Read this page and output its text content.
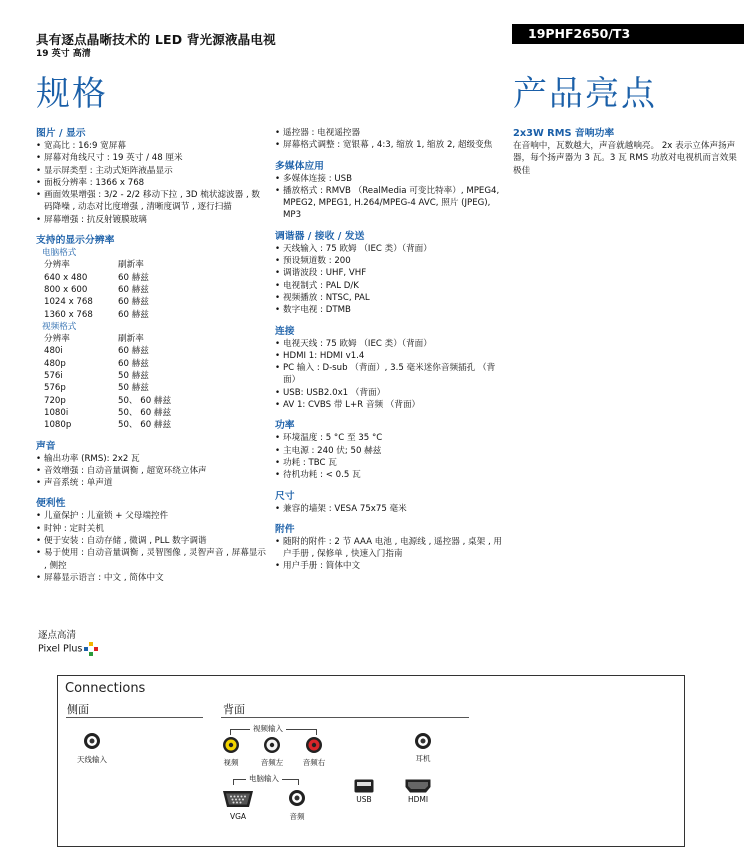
具有逐点晶晰技术的 LED 背光源液晶电视
19 英寸 高清
19PHF2650/T3
规格	产品亮点
图片 / 显示
• 宽高比 : 16:9 宽屏幕
• 屏幕对角线尺寸 : 19 英寸 / 48 厘米
• 显示屏类型 : 主动式矩阵液晶显示
• 面板分辨率 : 1366 x 768
• 画面效果增强 : 3/2 - 2/2 移动下拉 , 3D 梳状滤波器 , 数码降噪 , 动态对比度增强 , 清晰度调节 , 逐行扫描
• 屏幕增强 : 抗反射镀膜玻璃
支持的显示分辨率
电脑格式
分辨率	刷新率
640 x 480	60 赫兹
800 x 600	60 赫兹
1024 x 768	60 赫兹
1360 x 768	60 赫兹
视频格式
分辨率	刷新率
480i	60 赫兹
480p	60 赫兹
576i	50 赫兹
576p	50 赫兹
720p	50、 60 赫兹
1080i	50、 60 赫兹
1080p	50、 60 赫兹
声音
• 输出功率 (RMS): 2x2 瓦
• 音效增强 : 自动音量调衡 , 超宽环绕立体声
• 声音系统 : 单声道
便利性
• 儿童保护 : 儿童锁 + 父母端控件
• 时钟 : 定时关机
• 便于安装 : 自动存储 , 微调 , PLL 数字调谐
• 易于使用 : 自动音量调衡 , 灵智图像 , 灵智声音 , 屏幕显示 , 侧控
• 屏幕显示语言 : 中文 , 简体中文
• 遥控器 : 电视遥控器
• 屏幕格式调整 : 宽银幕 , 4:3, 缩放 1, 缩放 2, 超级变焦
多媒体应用
• 多媒体连接 : USB
• 播放格式 : RMVB （RealMedia 可变比特率）, MPEG4, MPEG2, MPEG1, H.264/MPEG-4 AVC, 照片 (JPEG), MP3
调谐器 / 接收 / 发送
• 天线输入 : 75 欧姆 （IEC 类）（背面）
• 预设频道数 : 200
• 调谐波段 : UHF, VHF
• 电视制式 : PAL D/K
• 视频播放 : NTSC, PAL
• 数字电视 : DTMB
连接
• 电视天线 : 75 欧姆 （IEC 类）（背面）
• HDMI 1: HDMI v1.4
• PC 输入 : D-sub （背面）, 3.5 毫米迷你音频插孔 （背面）
• USB: USB2.0x1 （背面）
• AV 1: CVBS 带 L+R 音频 （背面）
功率
• 环境温度 : 5 °C 至 35 °C
• 主电源 : 240 伏; 50 赫兹
• 功耗 : TBC 瓦
• 待机功耗 : < 0.5 瓦
尺寸
• 兼容的墙架 : VESA 75x75 毫米
附件
• 随附的附件 : 2 节 AAA 电池 , 电源线 , 遥控器 , 桌架 , 用户手册 , 保修单 , 快速入门指南
• 用户手册 : 简体中文
2x3W RMS 音响功率
在音响中，瓦数越大，声音就越响亮。 2x 表示立体声扬声器，每个扬声器为 3 瓦。3 瓦 RMS 功放对电视机而言效果极佳
逐点高清
Pixel Plus
Connections
侧面	背面
天线输入
视频输入
视频	音频左	音频右	耳机
电脑输入
VGA	音频
USB	HDMI
